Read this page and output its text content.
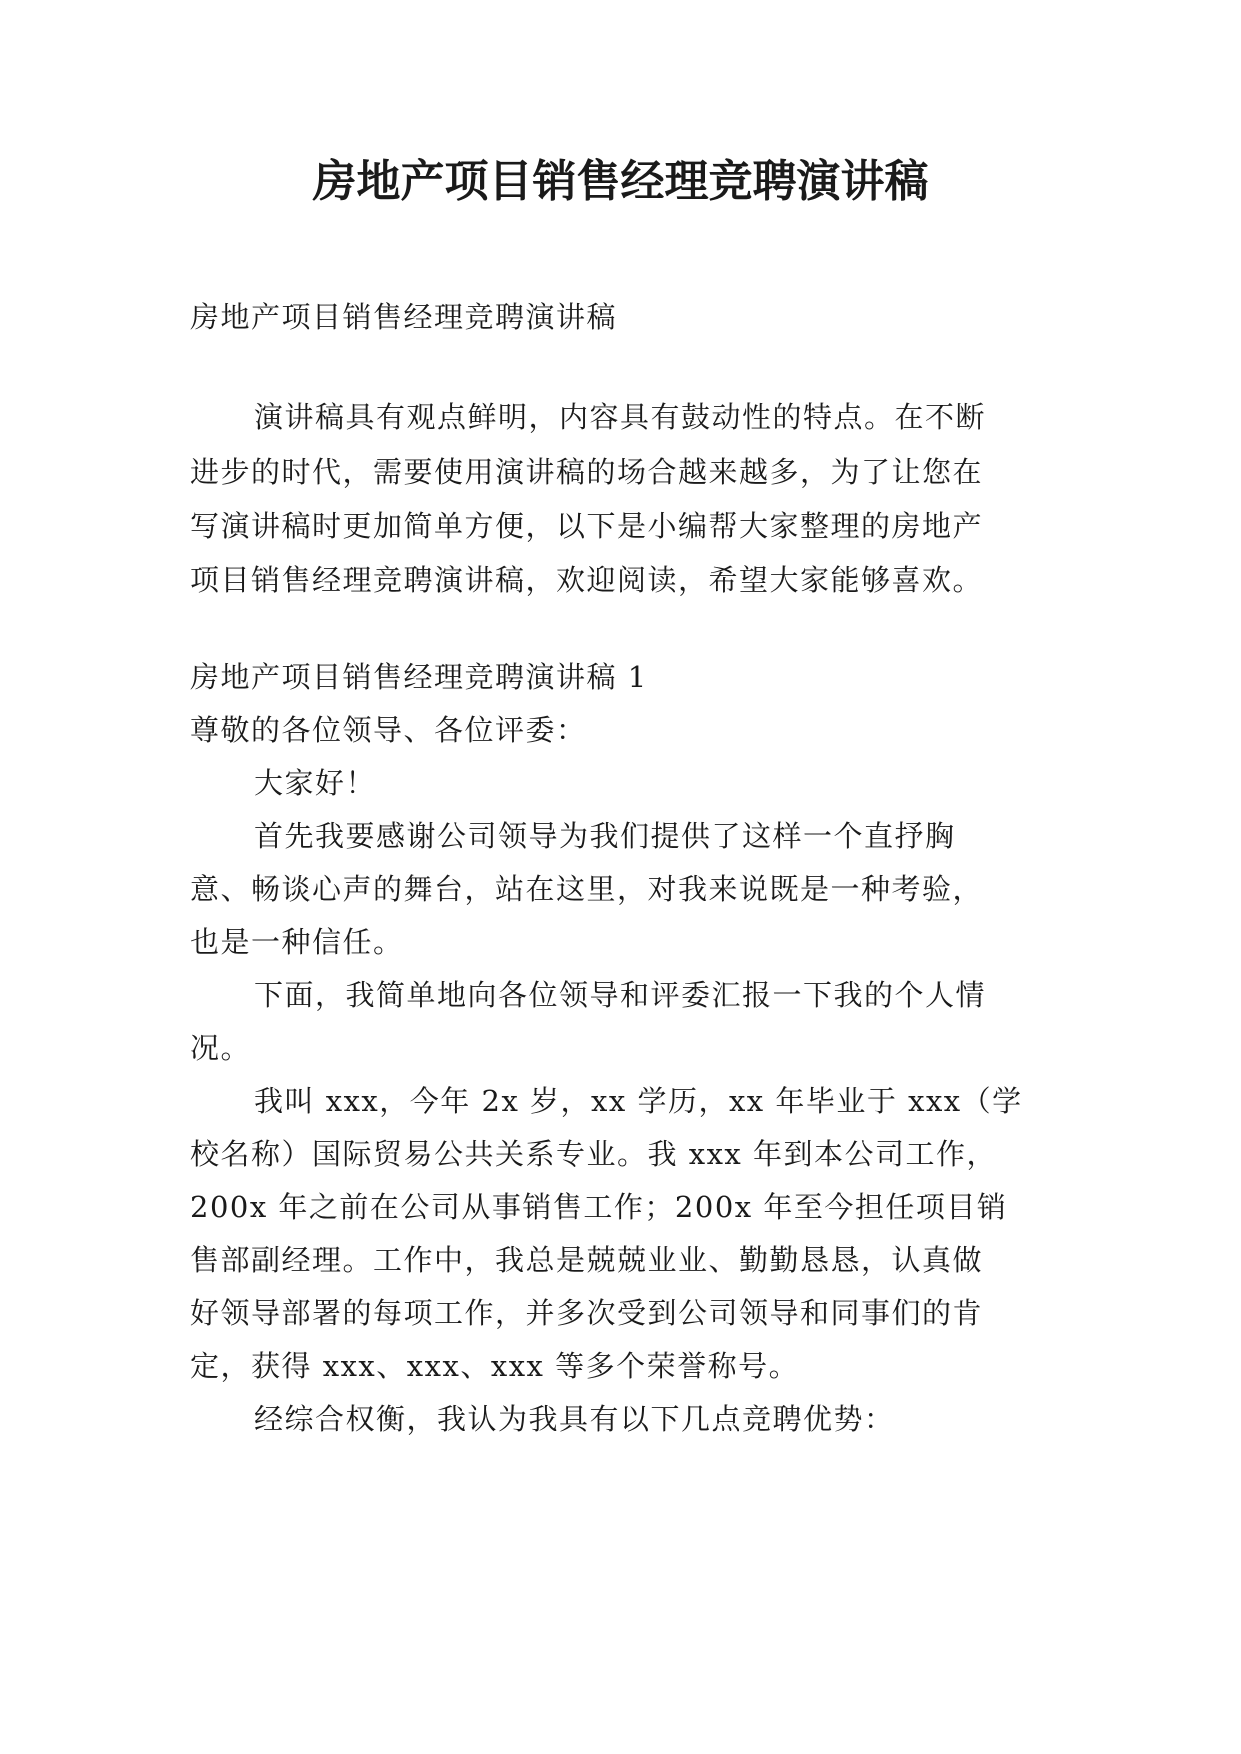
房地产项目销售经理竞聘演讲稿
房地产项目销售经理竞聘演讲稿
演讲稿具有观点鲜明，内容具有鼓动性的特点。在不断
进步的时代，需要使用演讲稿的场合越来越多，为了让您在
写演讲稿时更加简单方便，以下是小编帮大家整理的房地产
项目销售经理竞聘演讲稿，欢迎阅读，希望大家能够喜欢。
房地产项目销售经理竞聘演讲稿 1
尊敬的各位领导、各位评委：
大家好！
首先我要感谢公司领导为我们提供了这样一个直抒胸
意、畅谈心声的舞台，站在这里，对我来说既是一种考验，
也是一种信任。
下面，我简单地向各位领导和评委汇报一下我的个人情
况。
我叫 xxx，今年 2x 岁，xx 学历，xx 年毕业于 xxx（学
校名称）国际贸易公共关系专业。我 xxx 年到本公司工作，
200x 年之前在公司从事销售工作；200x 年至今担任项目销
售部副经理。工作中，我总是兢兢业业、勤勤恳恳，认真做
好领导部署的每项工作，并多次受到公司领导和同事们的肯
定，获得 xxx、xxx、xxx 等多个荣誉称号。
经综合权衡，我认为我具有以下几点竞聘优势：
